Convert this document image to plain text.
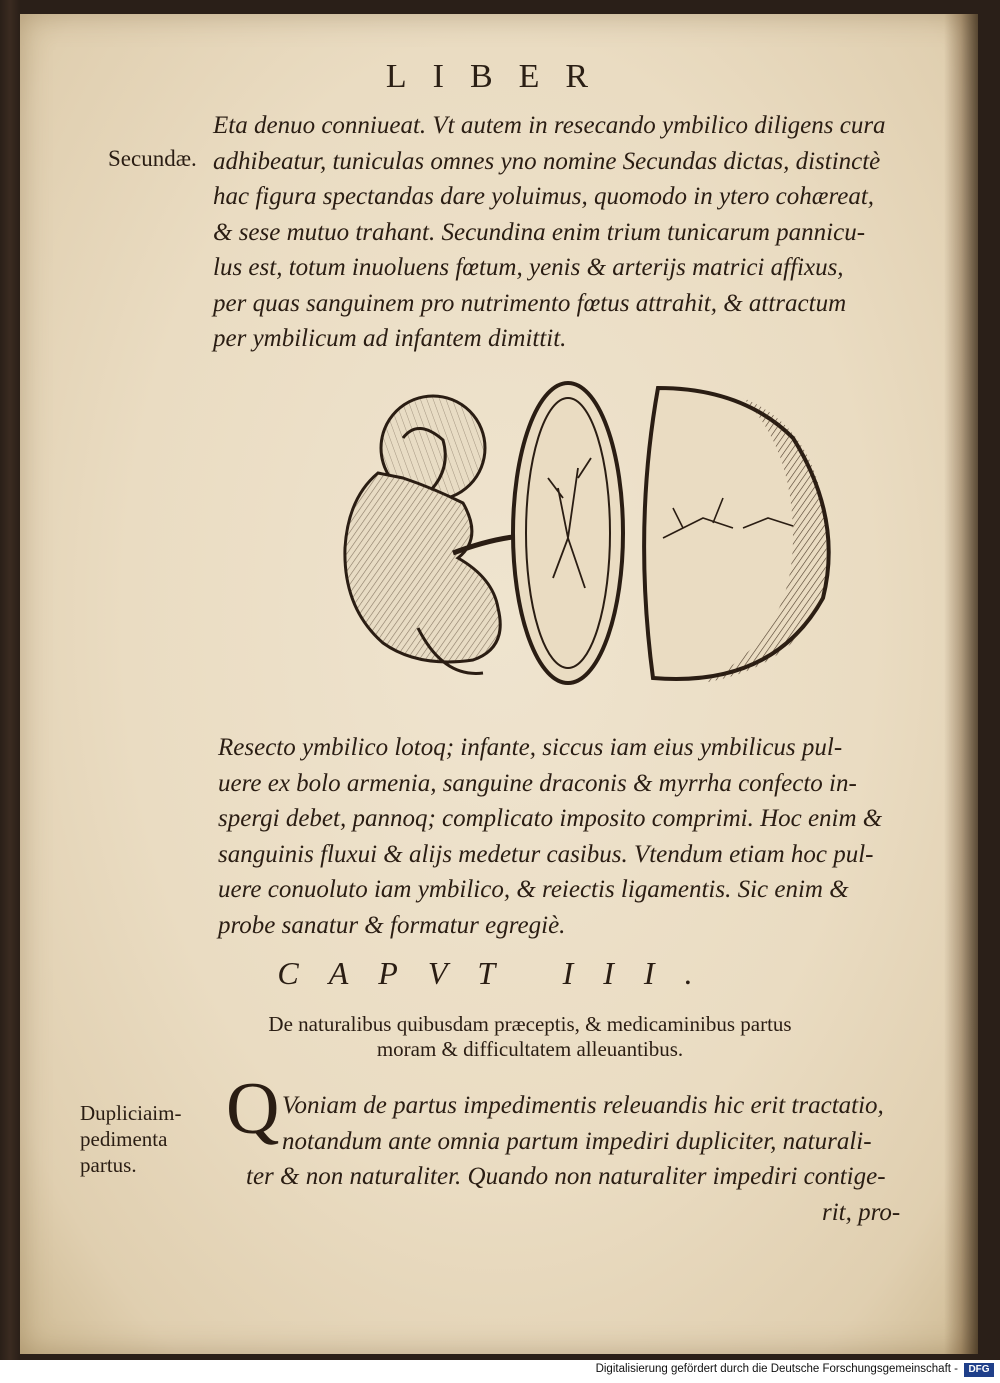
LIBER
Secundæ.
Eta denuo conniueat. Vt autem in resecando ymbilico diligens cura
adhibeatur, tuniculas omnes yno nomine Secundas dictas, distinctè
hac figura spectandas dare yoluimus, quomodo in ytero cohæreat,
& sese mutuo trahant. Secundina enim trium tunicarum pannicu-
lus est, totum inuoluens fœtum, yenis & arterijs matrici affixus,
per quas sanguinem pro nutrimento fœtus attrahit, & attractum
per ymbilicum ad infantem dimittit.
Resecto ymbilico lotoq; infante, siccus iam eius ymbilicus pul-
uere ex bolo armenia, sanguine draconis & myrrha confecto in-
spergi debet, pannoq; complicato imposito comprimi. Hoc enim &
sanguinis fluxui & alijs medetur casibus. Vtendum etiam hoc pul-
uere conuoluto iam ymbilico, & reiectis ligamentis. Sic enim &
probe sanatur & formatur egregiè.
CAPVT III.
De naturalibus quibusdam præceptis, & medicaminibus partus
moram & difficultatem alleuantibus.
Dupliciaim-
pedimenta
partus.
Q Voniam de partus impedimentis releuandis hic erit tractatio,
notandum ante omnia partum impediri dupliciter, naturali-
ter & non naturaliter. Quando non naturaliter impediri contige-
rit, pro-
Digitalisierung gefördert durch die Deutsche Forschungsgemeinschaft -	DFG
